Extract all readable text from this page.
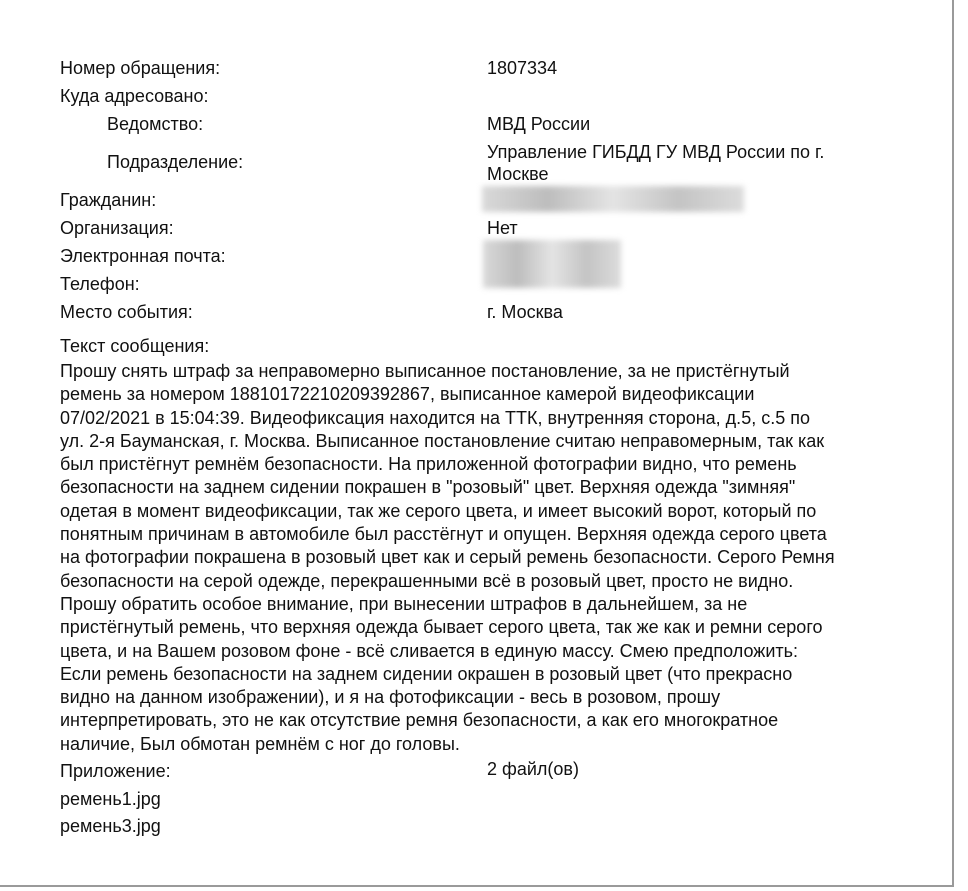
Номер обращения:	1807334
Куда адресовано:
Ведомство:	МВД России
Подразделение:	Управление ГИБДД ГУ МВД России по г. Москве
Гражданин:
Организация:	Нет
Электронная почта:
Телефон:
Место события:	г. Москва
Текст сообщения:
Прошу снять штраф за неправомерно выписанное постановление, за не пристёгнутый
ремень за номером 18810172210209392867, выписанное камерой видеофиксации
07/02/2021 в 15:04:39. Видеофиксация находится на ТТК, внутренняя сторона, д.5, с.5 по
ул. 2-я Бауманская, г. Москва. Выписанное постановление считаю неправомерным, так как
был пристёгнут ремнём безопасности. На приложенной фотографии видно, что ремень
безопасности на заднем сидении покрашен в "розовый" цвет. Верхняя одежда "зимняя"
одетая в момент видеофиксации, так же серого цвета, и имеет высокий ворот, который по
понятным причинам в автомобиле был расстёгнут и опущен. Верхняя одежда серого цвета
на фотографии покрашена в розовый цвет как и серый ремень безопасности. Серого Ремня
безопасности на серой одежде, перекрашенными всё в розовый цвет, просто не видно.
Прошу обратить особое внимание, при вынесении штрафов в дальнейшем, за не
пристёгнутый ремень, что верхняя одежда бывает серого цвета, так же как и ремни серого
цвета, и на Вашем розовом фоне - всё сливается в единую массу. Смею предположить:
Если ремень безопасности на заднем сидении окрашен в розовый цвет (что прекрасно
видно на данном изображении), и я на фотофиксации - весь в розовом, прошу
интерпретировать, это не как отсутствие ремня безопасности, а как его многократное
наличие, Был обмотан ремнём с ног до головы.
Приложение:	2 файл(ов)
ремень1.jpg
ремень3.jpg
